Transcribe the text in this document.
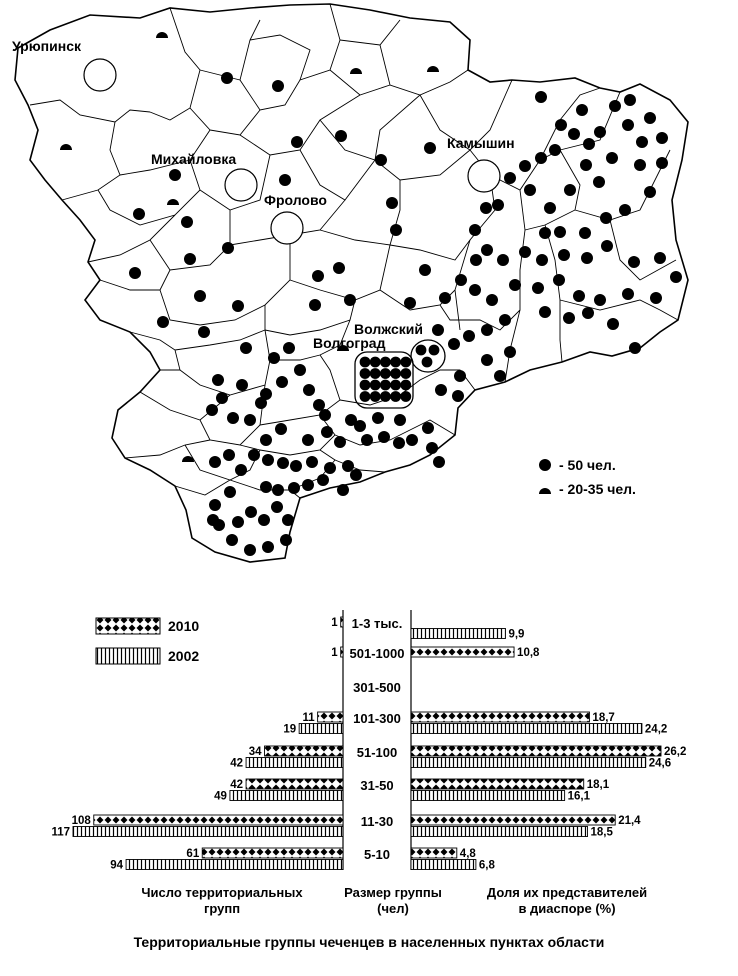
Урюпинск
Михайловка
Фролово
Камышин
Волжский
Волгоград
- 50 чел.
- 20-35 чел.
2010
2002
1-3 тыс.
501-1000
301-500
101-300
51-100
31-50
11-30
5-10
1
1
11
34
42
108
61
10,8
18,7
26,2
18,1
21,4
4,8
19
42
49
117
94
9,9
24,2
24,6
16,1
18,5
6,8
Число территориальных групп
Размер группы (чел)
Доля их представителей в диаспоре (%)
Территориальные группы чеченцев в населенных пунктах области
